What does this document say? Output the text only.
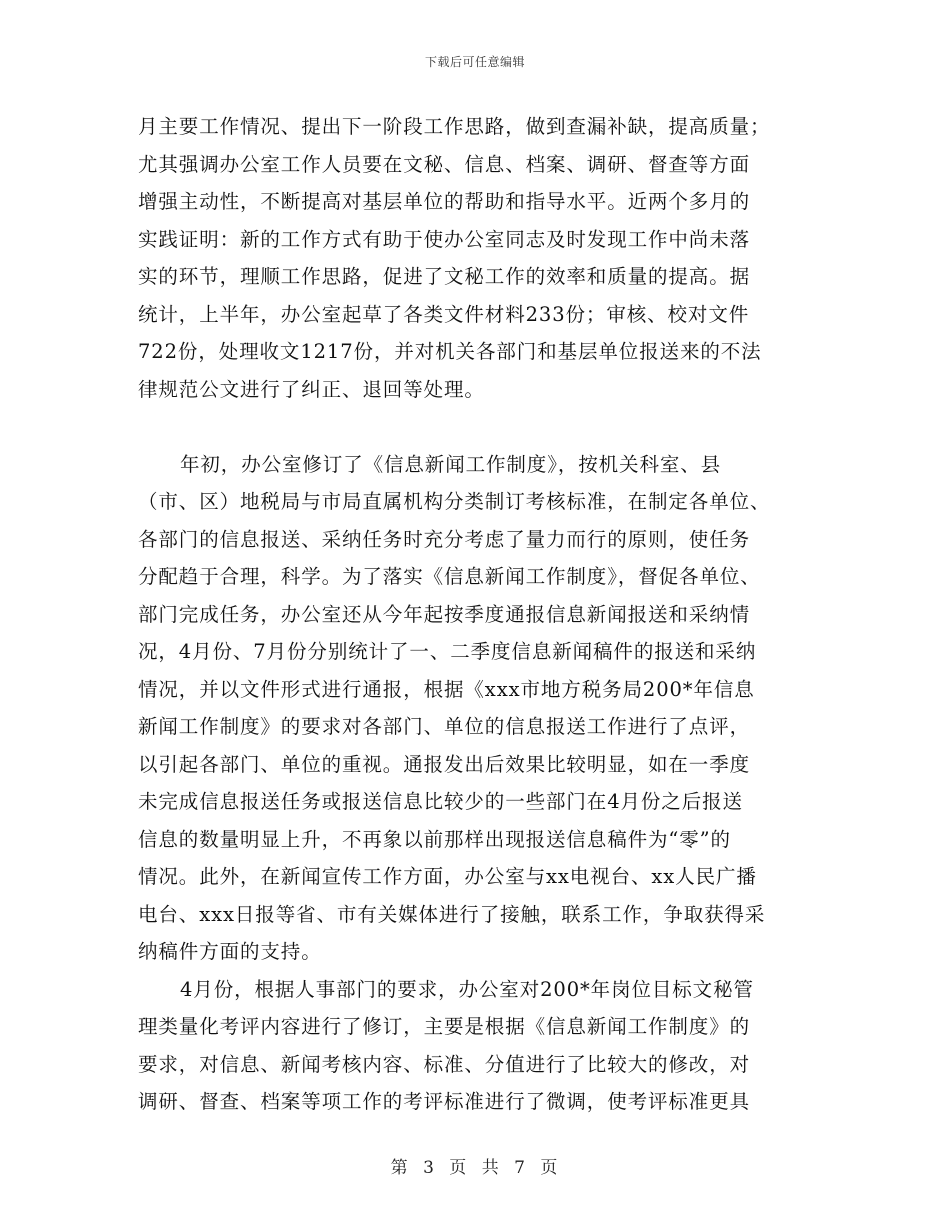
下载后可任意编辑
月主要工作情况、提出下一阶段工作思路，做到查漏补缺，提高质量；
尤其强调办公室工作人员要在文秘、信息、档案、调研、督查等方面
增强主动性，不断提高对基层单位的帮助和指导水平。近两个多月的
实践证明：新的工作方式有助于使办公室同志及时发现工作中尚未落
实的环节，理顺工作思路，促进了文秘工作的效率和质量的提高。据
统计，上半年，办公室起草了各类文件材料233份；审核、校对文件
722份，处理收文1217份，并对机关各部门和基层单位报送来的不法
律规范公文进行了纠正、退回等处理。
年初，办公室修订了《信息新闻工作制度》，按机关科室、县
（市、区）地税局与市局直属机构分类制订考核标准，在制定各单位、
各部门的信息报送、采纳任务时充分考虑了量力而行的原则，使任务
分配趋于合理，科学。为了落实《信息新闻工作制度》，督促各单位、
部门完成任务，办公室还从今年起按季度通报信息新闻报送和采纳情
况，4月份、7月份分别统计了一、二季度信息新闻稿件的报送和采纳
情况，并以文件形式进行通报，根据《xxx市地方税务局200*年信息
新闻工作制度》的要求对各部门、单位的信息报送工作进行了点评，
以引起各部门、单位的重视。通报发出后效果比较明显，如在一季度
未完成信息报送任务或报送信息比较少的一些部门在4月份之后报送
信息的数量明显上升，不再象以前那样出现报送信息稿件为“零”的
情况。此外，在新闻宣传工作方面，办公室与xx电视台、xx人民广播
电台、xxx日报等省、市有关媒体进行了接触，联系工作，争取获得采
纳稿件方面的支持。
4月份，根据人事部门的要求，办公室对200*年岗位目标文秘管
理类量化考评内容进行了修订，主要是根据《信息新闻工作制度》的
要求，对信息、新闻考核内容、标准、分值进行了比较大的修改，对
调研、督查、档案等项工作的考评标准进行了微调，使考评标准更具
第 3 页 共 7 页
